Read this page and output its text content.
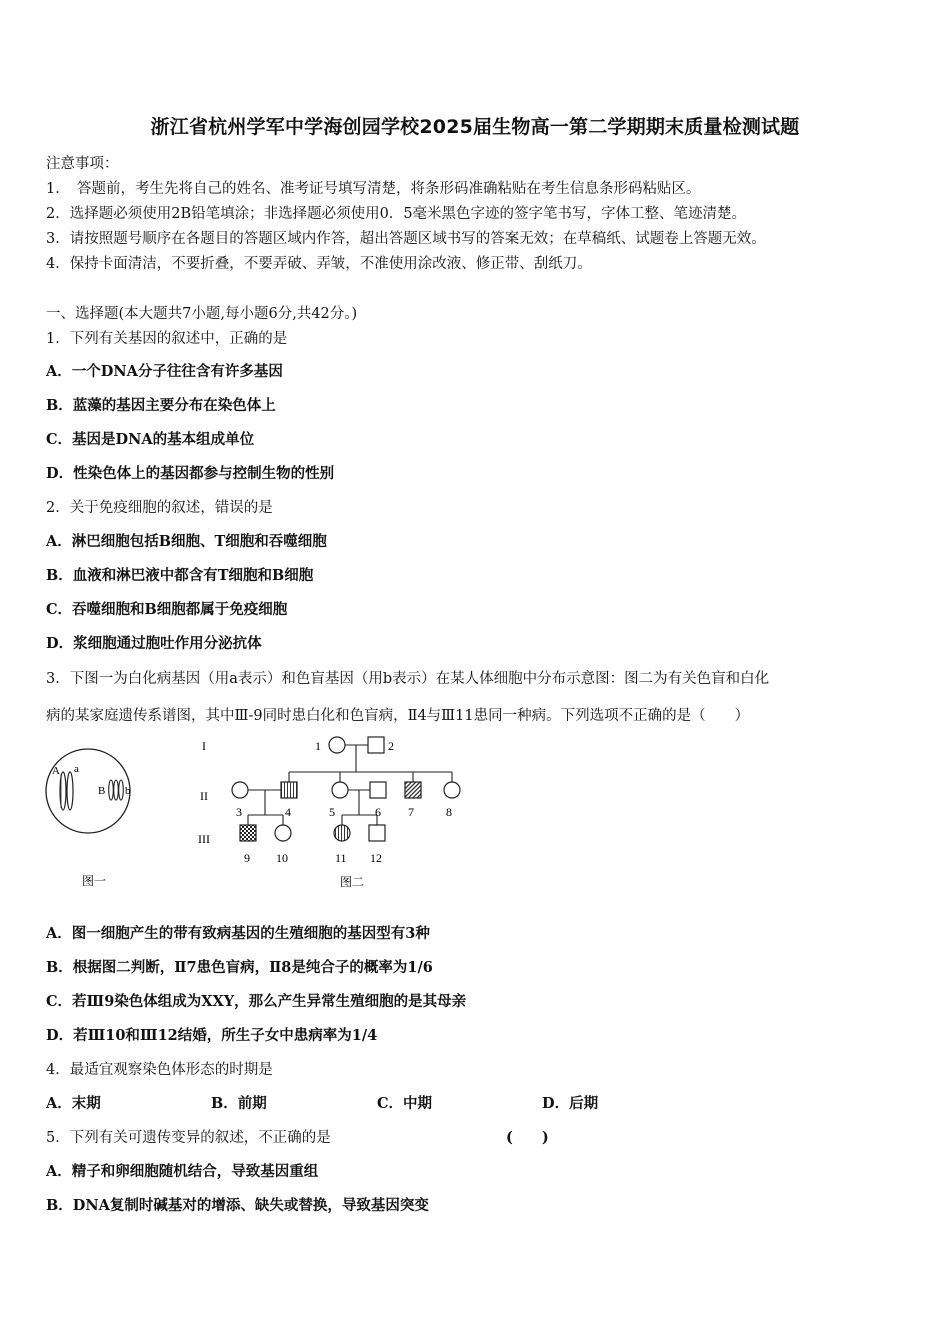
浙江省杭州学军中学海创园学校2025届生物高一第二学期期末质量检测试题
注意事项：
1．　答题前，考生先将自己的姓名、准考证号填写清楚，将条形码准确粘贴在考生信息条形码粘贴区。
2．选择题必须使用2B铅笔填涂；非选择题必须使用0．5毫米黑色字迹的签字笔书写，字体工整、笔迹清楚。
3．请按照题号顺序在各题目的答题区域内作答，超出答题区域书写的答案无效；在草稿纸、试题卷上答题无效。
4．保持卡面清洁，不要折叠，不要弄破、弄皱，不准使用涂改液、修正带、刮纸刀。
一、选择题(本大题共7小题,每小题6分,共42分。)
1．下列有关基因的叙述中，正确的是
A．一个DNA分子往往含有许多基因
B．蓝藻的基因主要分布在染色体上
C．基因是DNA的基本组成单位
D．性染色体上的基因都参与控制生物的性别
2．关于免疫细胞的叙述，错误的是
A．淋巴细胞包括B细胞、T细胞和吞噬细胞
B．血液和淋巴液中都含有T细胞和B细胞
C．吞噬细胞和B细胞都属于免疫细胞
D．浆细胞通过胞吐作用分泌抗体
3．下图一为白化病基因（用a表示）和色盲基因（用b表示）在某人体细胞中分布示意图：图二为有关色盲和白化
病的某家庭遗传系谱图，其中Ⅲ-9同时患白化和色盲病，Ⅱ4与Ⅲ11患同一种病。下列选项不正确的是（　　）
A a
B b
图一
I
II
III
1	2
3	4	5	6 7	8
9 10	11 12
图二
A．图一细胞产生的带有致病基因的生殖细胞的基因型有3种
B．根据图二判断，Ⅱ7患色盲病，Ⅱ8是纯合子的概率为1/6
C．若Ⅲ9染色体组成为XXY，那么产生异常生殖细胞的是其母亲
D．若Ⅲ10和Ⅲ12结婚，所生子女中患病率为1/4
4．最适宜观察染色体形态的时期是
A．末期	B．前期	C．中期	D．后期
5．下列有关可遗传变异的叙述，不正确的是	(　　)
A．精子和卵细胞随机结合，导致基因重组
B．DNA复制时碱基对的增添、缺失或替换，导致基因突变
